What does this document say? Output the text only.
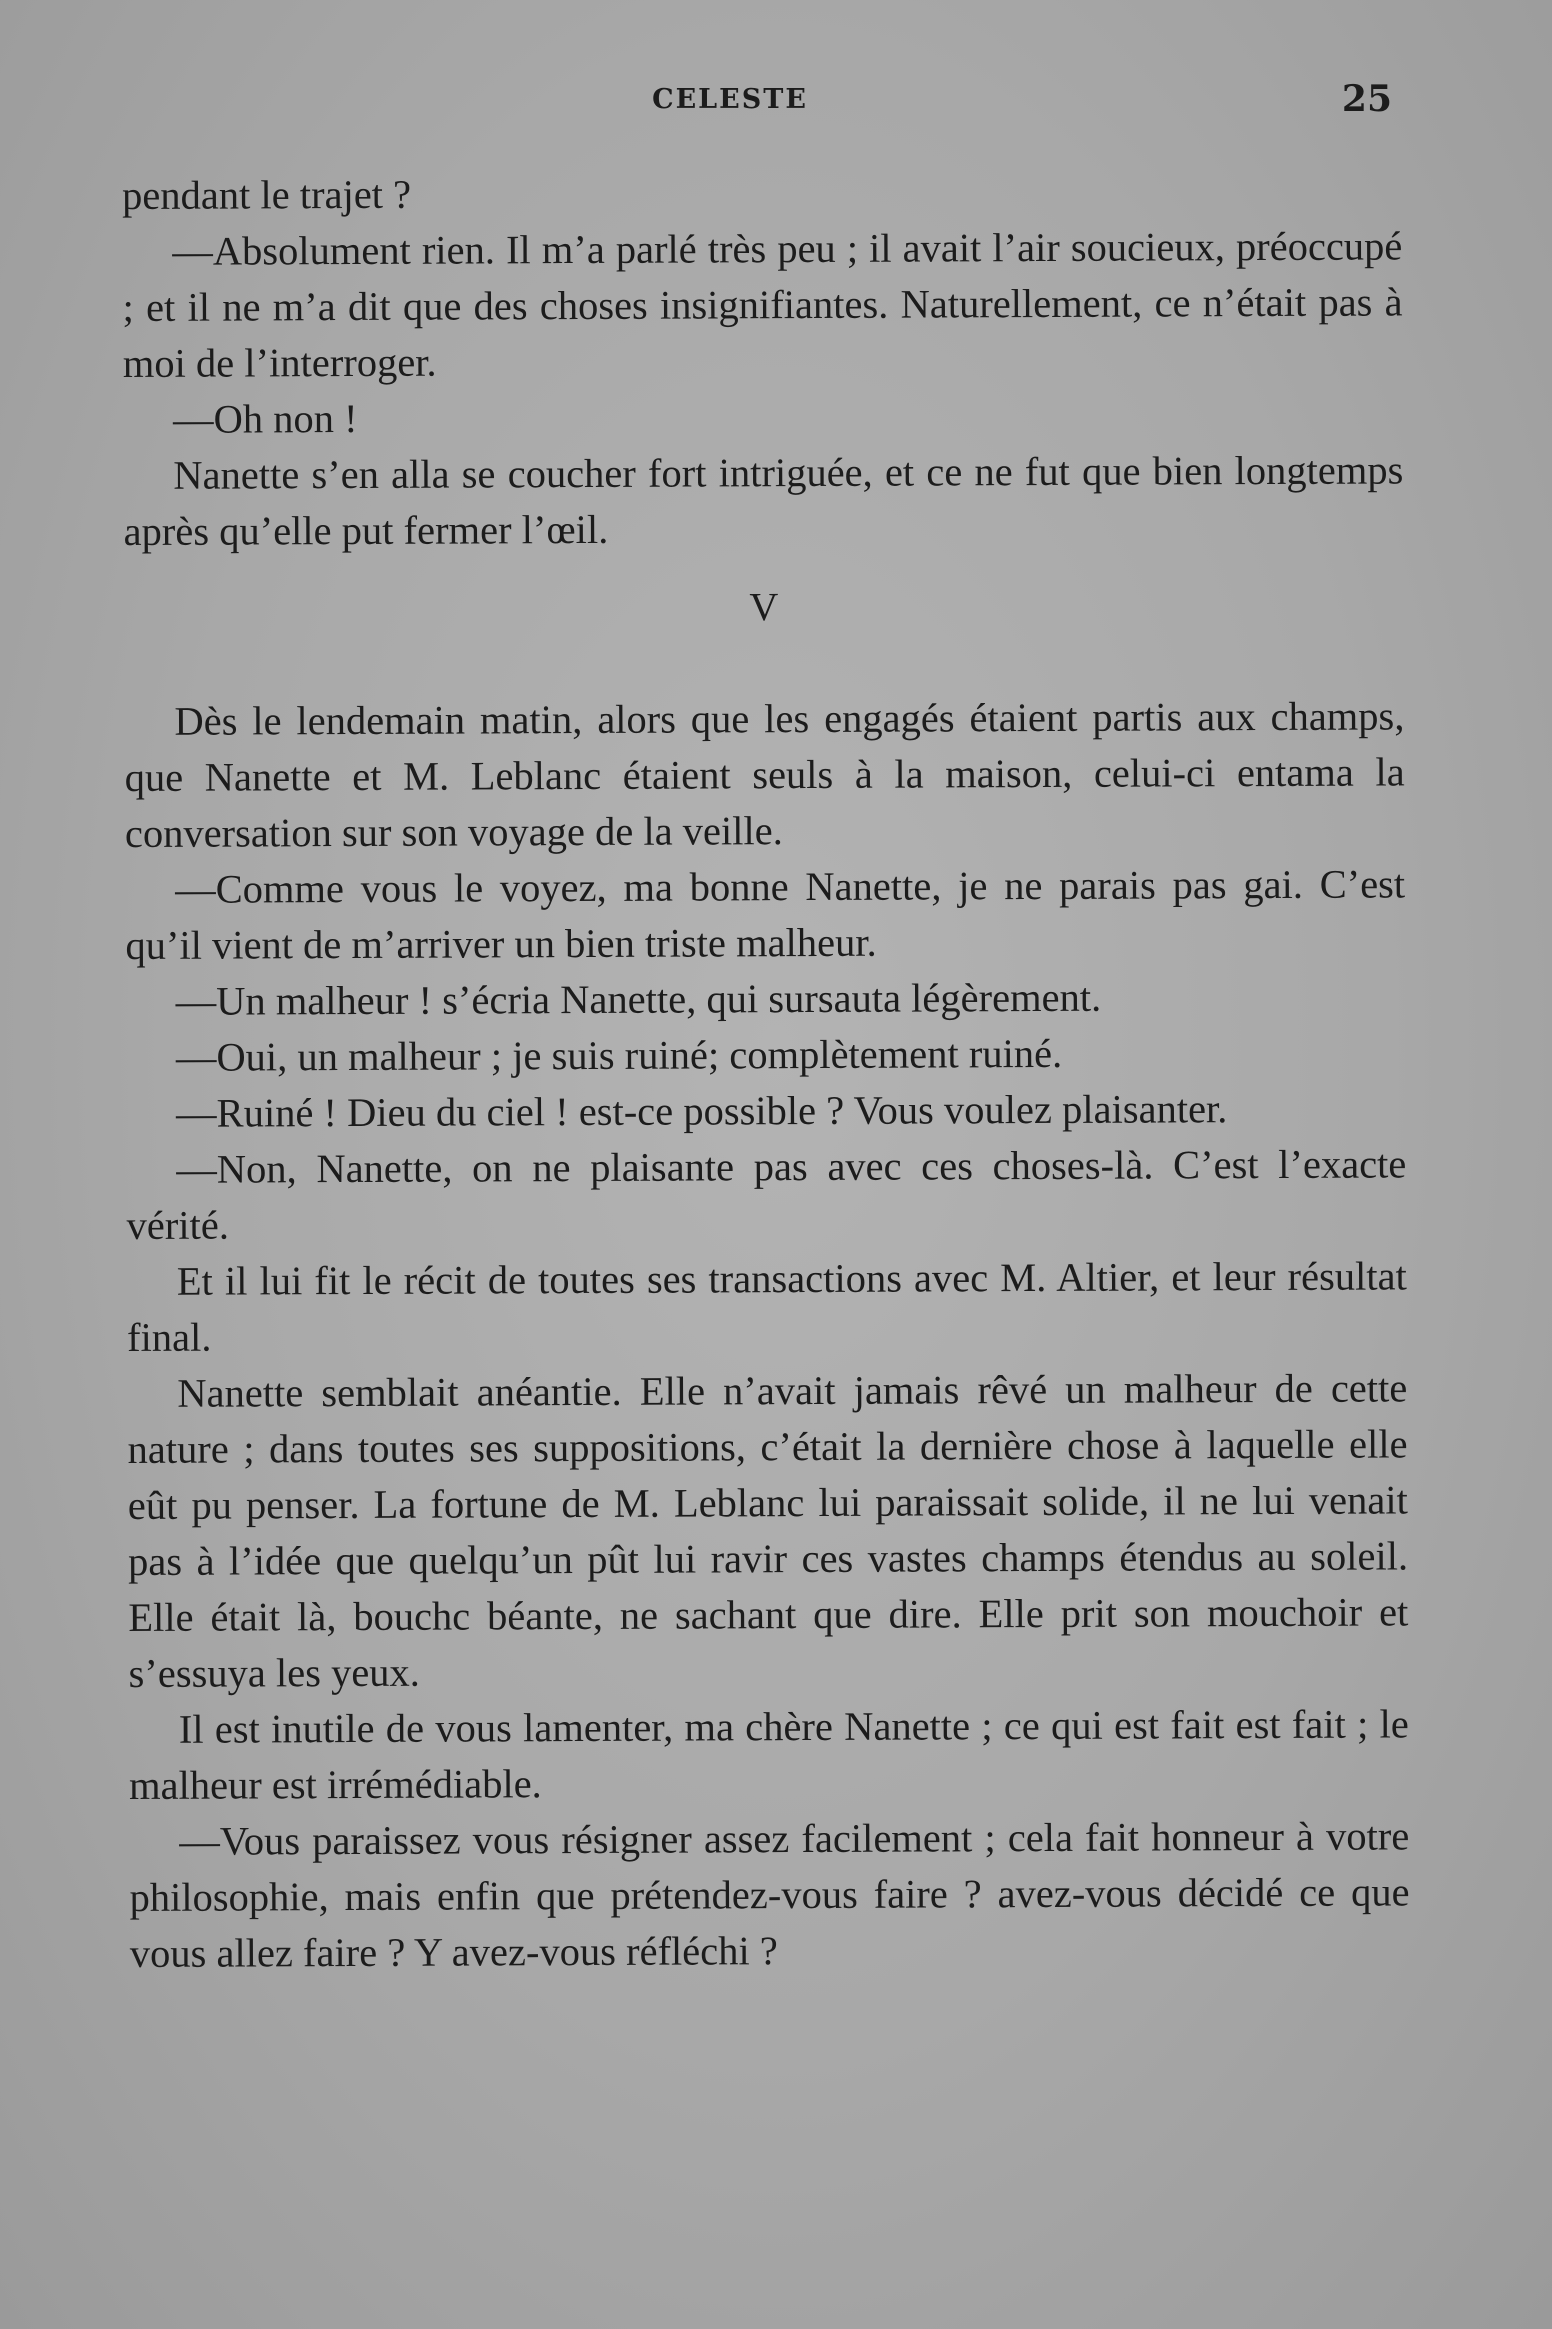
CELESTE	25

pendant le trajet ?

—Absolument rien. Il m’a parlé très peu ; il avait l’air soucieux, préoccupé ; et il ne m’a dit que des choses insignifiantes. Naturellement, ce n’était pas à moi de l’interroger.

—Oh non !

Nanette s’en alla se coucher fort intriguée, et ce ne fut que bien longtemps après qu’elle put fermer l’œil.

V

Dès le lendemain matin, alors que les engagés étaient partis aux champs, que Nanette et M. Leblanc étaient seuls à la maison, celui-ci entama la conversation sur son voyage de la veille.

—Comme vous le voyez, ma bonne Nanette, je ne parais pas gai. C’est qu’il vient de m’arriver un bien triste malheur.

—Un malheur ! s’écria Nanette, qui sursauta légèrement.

—Oui, un malheur ; je suis ruiné; complètement ruiné.

—Ruiné ! Dieu du ciel ! est-ce possible ? Vous voulez plaisanter.

—Non, Nanette, on ne plaisante pas avec ces choses-là. C’est l’exacte vérité.

Et il lui fit le récit de toutes ses transactions avec M. Altier, et leur résultat final.

Nanette semblait anéantie. Elle n’avait jamais rêvé un malheur de cette nature ; dans toutes ses suppositions, c’était la dernière chose à laquelle elle eût pu penser. La fortune de M. Leblanc lui paraissait solide, il ne lui venait pas à l’idée que quelqu’un pût lui ravir ces vastes champs étendus au soleil. Elle était là, bouchc béante, ne sachant que dire. Elle prit son mouchoir et s’essuya les yeux.

Il est inutile de vous lamenter, ma chère Nanette ; ce qui est fait est fait ; le malheur est irrémédiable.

—Vous paraissez vous résigner assez facilement ; cela fait honneur à votre philosophie, mais enfin que prétendez-vous faire ? avez-vous décidé ce que vous allez faire ? Y avez-vous réfléchi ?
